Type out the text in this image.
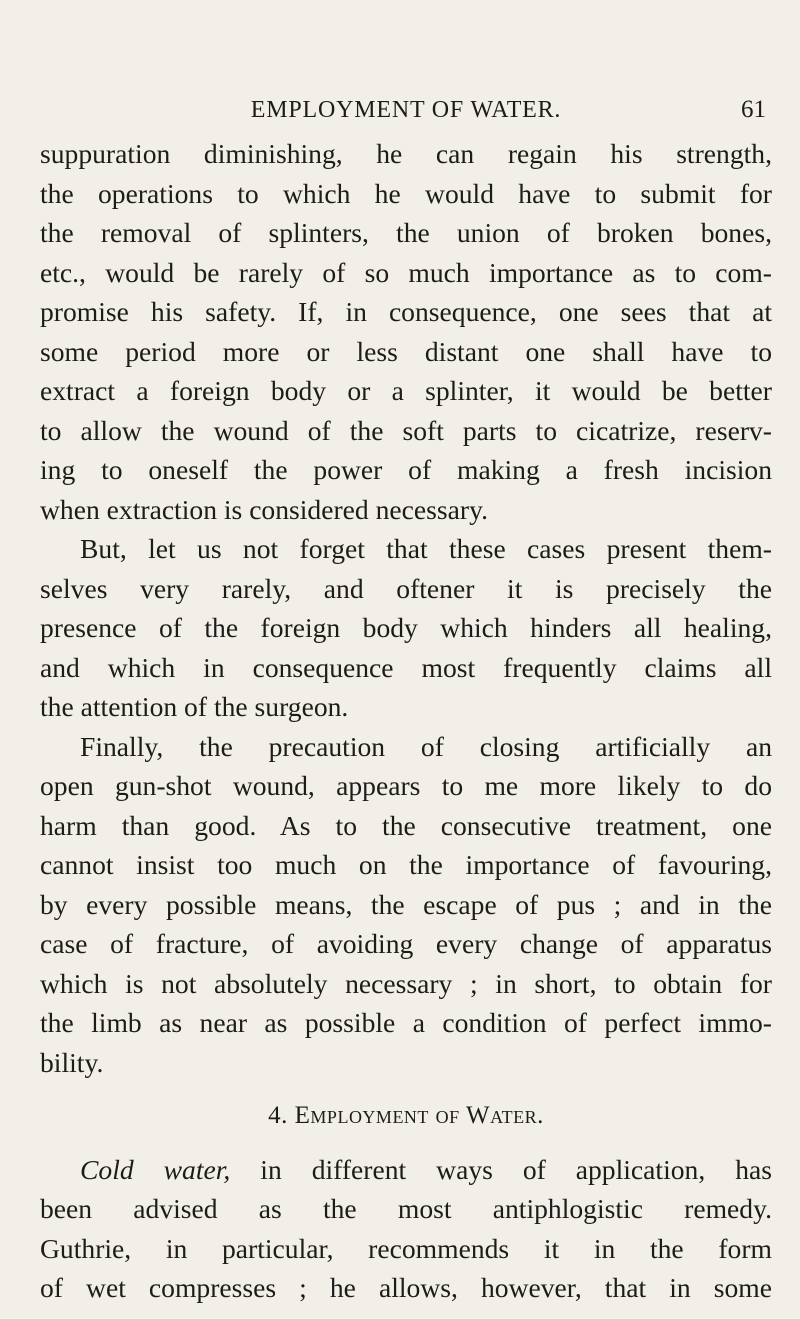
EMPLOYMENT OF WATER.	61

suppuration diminishing, he can regain his strength,

the operations to which he would have to submit for

the removal of splinters, the union of broken bones,

etc., would be rarely of so much importance as to com-

promise his safety. If, in consequence, one sees that at

some period more or less distant one shall have to

extract a foreign body or a splinter, it would be better

to allow the wound of the soft parts to cicatrize, reserv-

ing to oneself the power of making a fresh incision

when extraction is considered necessary.

But, let us not forget that these cases present them-

selves very rarely, and oftener it is precisely the

presence of the foreign body which hinders all healing,

and which in consequence most frequently claims all

the attention of the surgeon.

Finally, the precaution of closing artificially an

open gun-shot wound, appears to me more likely to do

harm than good. As to the consecutive treatment, one

cannot insist too much on the importance of favouring,

by every possible means, the escape of pus ; and in the

case of fracture, of avoiding every change of apparatus

which is not absolutely necessary ; in short, to obtain for

the limb as near as possible a condition of perfect immo-

bility.

4. Employment of Water.

Cold water, in different ways of application, has

been advised as the most antiphlogistic remedy.

Guthrie, in particular, recommends it in the form

of wet compresses ; he allows, however, that in some
